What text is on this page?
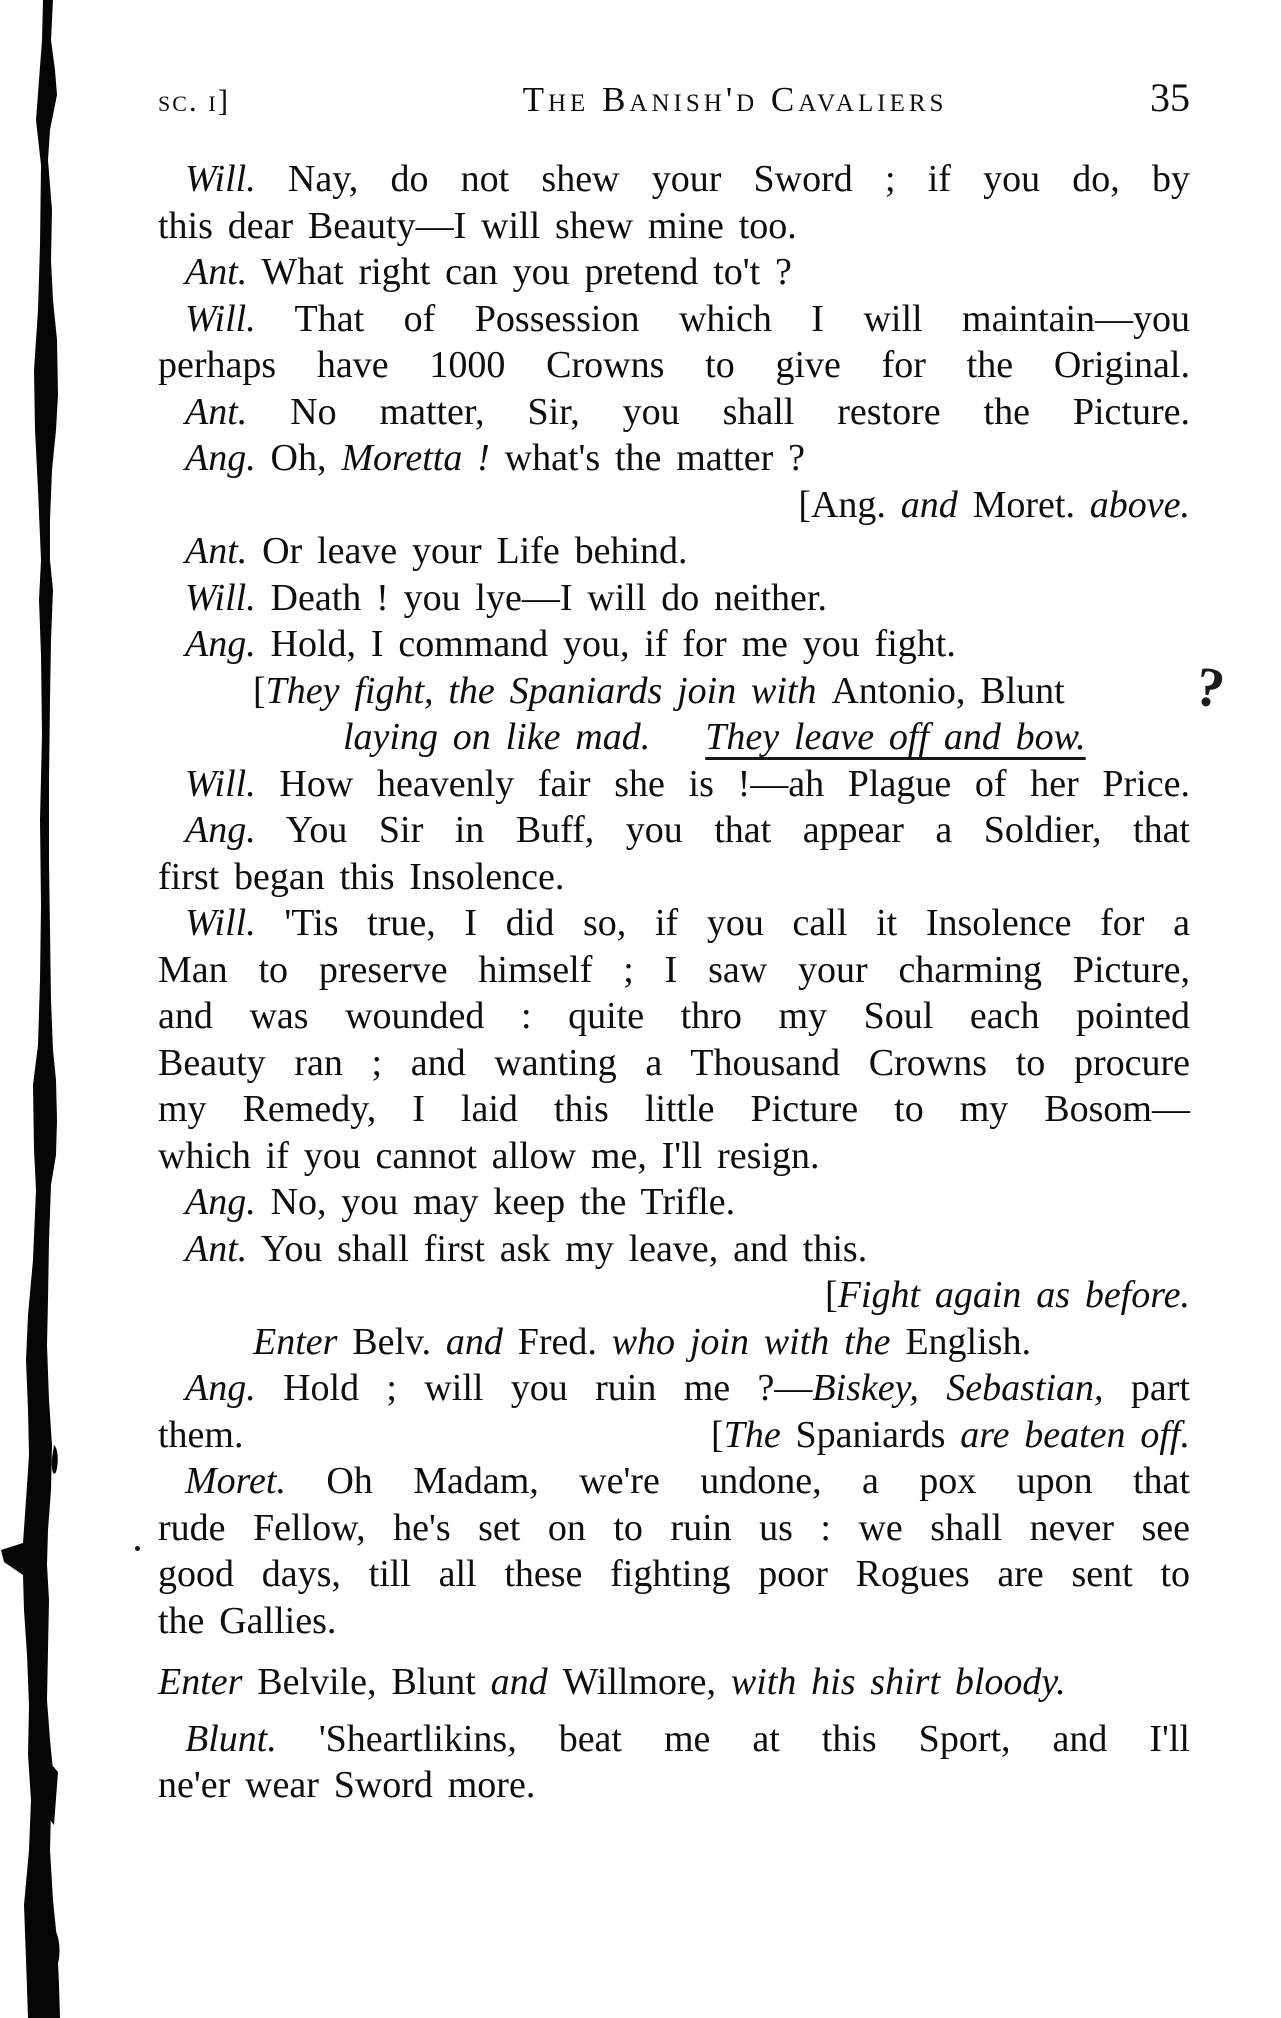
sc. i]	The Banish'd Cavaliers	35
Will. Nay, do not shew your Sword ; if you do, by
this dear Beauty—I will shew mine too.
Ant. What right can you pretend to't ?
Will. That of Possession which I will maintain—you
perhaps have 1000 Crowns to give for the Original.
Ant. No matter, Sir, you shall restore the Picture.
Ang. Oh, Moretta ! what's the matter ?
[Ang. and Moret. above.
Ant. Or leave your Life behind.
Will. Death ! you lye—I will do neither.
Ang. Hold, I command you, if for me you fight.
[They fight, the Spaniards join with Antonio, Blunt
laying on like mad. They leave off and bow.
Will. How heavenly fair she is !—ah Plague of her Price.
Ang. You Sir in Buff, you that appear a Soldier, that
first began this Insolence.
Will. 'Tis true, I did so, if you call it Insolence for a
Man to preserve himself ; I saw your charming Picture,
and was wounded : quite thro my Soul each pointed
Beauty ran ; and wanting a Thousand Crowns to procure
my Remedy, I laid this little Picture to my Bosom—
which if you cannot allow me, I'll resign.
Ang. No, you may keep the Trifle.
Ant. You shall first ask my leave, and this.
[Fight again as before.
Enter Belv. and Fred. who join with the English.
Ang. Hold ; will you ruin me ?—Biskey, Sebastian, part
them.	[The Spaniards are beaten off.
Moret. Oh Madam, we're undone, a pox upon that
rude Fellow, he's set on to ruin us : we shall never see
good days, till all these fighting poor Rogues are sent to
the Gallies.
Enter Belvile, Blunt and Willmore, with his shirt bloody.
Blunt. 'Sheartlikins, beat me at this Sport, and I'll
ne'er wear Sword more.
?
